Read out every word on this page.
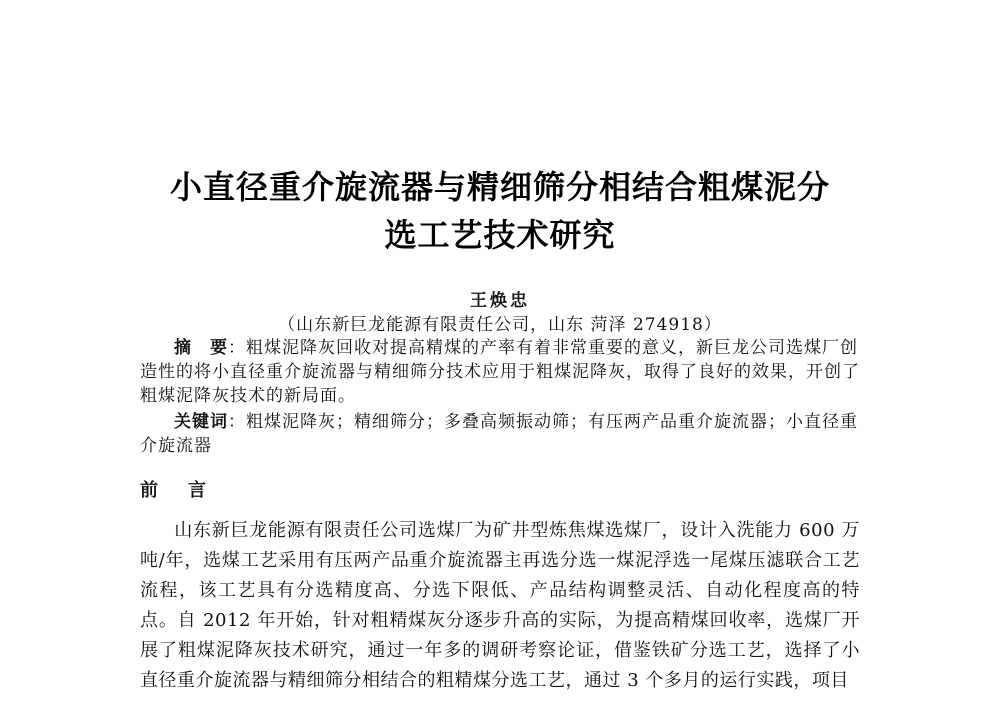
小直径重介旋流器与精细筛分相结合粗煤泥分
选工艺技术研究
王焕忠
（山东新巨龙能源有限责任公司，山东 菏泽 274918）
摘　要：粗煤泥降灰回收对提高精煤的产率有着非常重要的意义，新巨龙公司选煤厂创造性的将小直径重介旋流器与精细筛分技术应用于粗煤泥降灰，取得了良好的效果，开创了粗煤泥降灰技术的新局面。
关键词：粗煤泥降灰；精细筛分；多叠高频振动筛；有压两产品重介旋流器；小直径重介旋流器
前　言
山东新巨龙能源有限责任公司选煤厂为矿井型炼焦煤选煤厂，设计入洗能力 600 万吨/年，选煤工艺采用有压两产品重介旋流器主再选分选一煤泥浮选一尾煤压滤联合工艺流程，该工艺具有分选精度高、分选下限低、产品结构调整灵活、自动化程度高的特点。自 2012 年开始，针对粗精煤灰分逐步升高的实际，为提高精煤回收率，选煤厂开展了粗煤泥降灰技术研究，通过一年多的调研考察论证，借鉴铁矿分选工艺，选择了小直径重介旋流器与精细筛分相结合的粗精煤分选工艺，通过 3 个多月的运行实践，项目
